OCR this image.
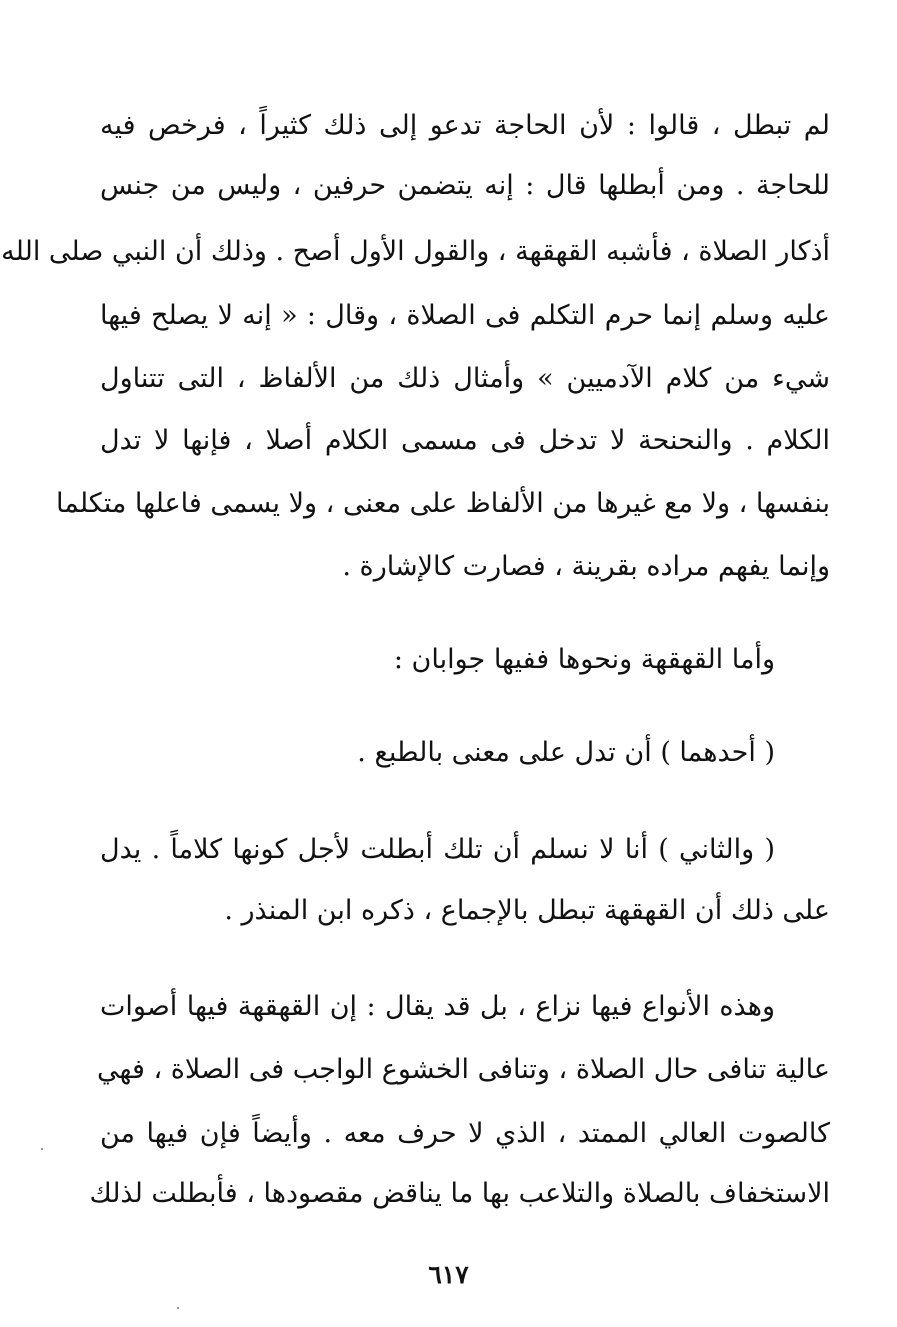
لم تبطل ، قالوا : لأن الحاجة تدعو إلى ذلك كثيراً ، فرخص فيه
للحاجة . ومن أبطلها قال : إنه يتضمن حرفين ، وليس من جنس
أذكار الصلاة ، فأشبه القهقهة ، والقول الأول أصح . وذلك أن النبي صلى الله
عليه وسلم إنما حرم التكلم فى الصلاة ، وقال : « إنه لا يصلح فيها
شيء من كلام الآدميين » وأمثال ذلك من الألفاظ ، التى تتناول
الكلام . والنحنحة لا تدخل فى مسمى الكلام أصلا ، فإنها لا تدل
بنفسها ، ولا مع غيرها من الألفاظ على معنى ، ولا يسمى فاعلها متكلما
وإنما يفهم مراده بقرينة ، فصارت كالإشارة .
وأما القهقهة ونحوها ففيها جوابان :
( أحدهما ) أن تدل على معنى بالطبع .
( والثاني ) أنا لا نسلم أن تلك أبطلت لأجل كونها كلاماً . يدل
على ذلك أن القهقهة تبطل بالإجماع ، ذكره ابن المنذر .
وهذه الأنواع فيها نزاع ، بل قد يقال : إن القهقهة فيها أصوات
عالية تنافى حال الصلاة ، وتنافى الخشوع الواجب فى الصلاة ، فهي
كالصوت العالي الممتد ، الذي لا حرف معه . وأيضاً فإن فيها من
الاستخفاف بالصلاة والتلاعب بها ما يناقض مقصودها ، فأبطلت لذلك
٦١٧
